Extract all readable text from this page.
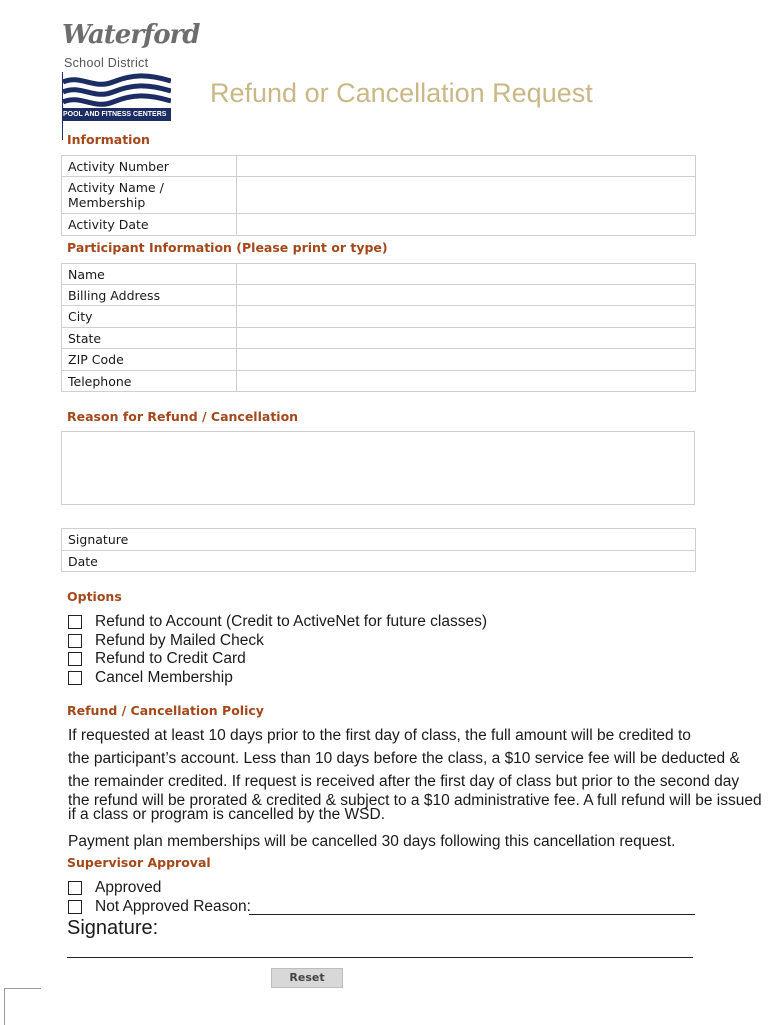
Waterford
School District
POOL AND FITNESS CENTERS
Refund or Cancellation Request
Information
Activity Number	
Activity Name / Membership	
Activity Date	
Participant Information (Please print or type)
Name	
Billing Address	
City	
State	
ZIP Code	
Telephone	
Reason for Refund / Cancellation
Signature
Date
Options
Refund to Account (Credit to ActiveNet for future classes)
Refund by Mailed Check
Refund to Credit Card
Cancel Membership
Refund / Cancellation Policy
If requested at least 10 days prior to the first day of class, the full amount will be credited to
the participant’s account. Less than 10 days before the class, a $10 service fee will be deducted &
the remainder credited. If request is received after the first day of class but prior to the second day
the refund will be prorated & credited & subject to a $10 administrative fee. A full refund will be issued
if a class or program is cancelled by the WSD.
Payment plan memberships will be cancelled 30 days following this cancellation request.
Supervisor Approval
Approved
Not Approved Reason:
Signature:
Reset
